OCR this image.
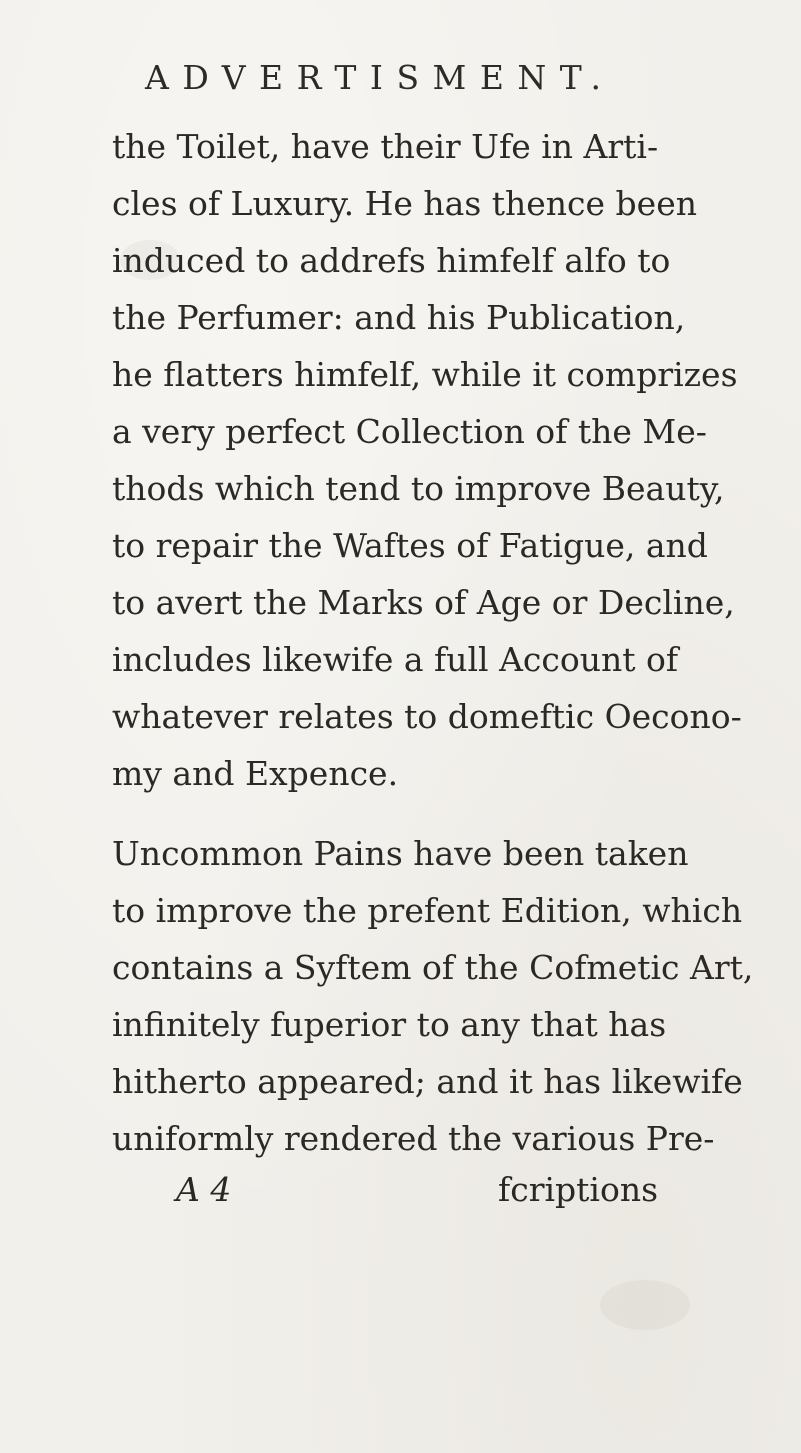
ADVERTISMENT.
the Toilet, have their Ufe in Arti-
cles of Luxury. He has thence been
induced to addrefs himfelf alfo to
the Perfumer: and his Publication,
he flatters himfelf, while it comprizes
a very perfect Collection of the Me-
thods which tend to improve Beauty,
to repair the Waftes of Fatigue, and
to avert the Marks of Age or Decline,
includes likewife a full Account of
whatever relates to domeftic Oecono-
my and Expence.
Uncommon Pains have been taken
to improve the prefent Edition, which
contains a Syftem of the Cofmetic Art,
infinitely fuperior to any that has
hitherto appeared; and it has likewife
uniformly rendered the various Pre-
A 4	fcriptions
